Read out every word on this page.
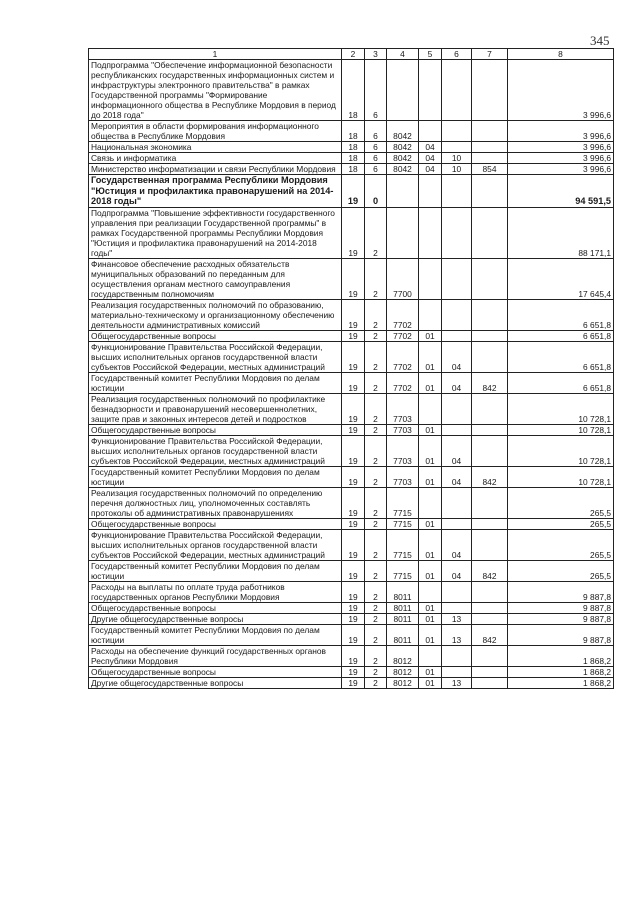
345
1	2	3	4	5	6	7	8
Подпрограмма "Обеспечение информационной безопасности республиканских государственных информационных систем и инфраструктуры электронного правительства" в рамках Государственной программы "Формирование информационного общества в Республике Мордовия в период до 2018 года"	18	6					3 996,6
Мероприятия в области формирования информационного общества в Республике Мордовия	18	6	8042				3 996,6
Национальная экономика	18	6	8042	04			3 996,6
Связь и информатика	18	6	8042	04	10		3 996,6
Министерство информатизации и связи Республики Мордовия	18	6	8042	04	10	854	3 996,6
Государственная программа Республики Мордовия "Юстиция и профилактика правонарушений на 2014-2018 годы"	19	0					94 591,5
Подпрограмма "Повышение эффективности государственного управления при реализации Государственной программы" в рамках Государственной программы Республики Мордовия "Юстиция и профилактика правонарушений на 2014-2018 годы"	19	2					88 171,1
Финансовое обеспечение расходных обязательств муниципальных образований по переданным для осуществления органам местного самоуправления государственным полномочиям	19	2	7700				17 645,4
Реализация государственных полномочий по образованию, материально-техническому и организационному обеспечению деятельности административных комиссий	19	2	7702				6 651,8
Общегосударственные вопросы	19	2	7702	01			6 651,8
Функционирование Правительства Российской Федерации, высших исполнительных органов государственной власти субъектов Российской Федерации, местных администраций	19	2	7702	01	04		6 651,8
Государственный комитет Республики Мордовия по делам юстиции	19	2	7702	01	04	842	6 651,8
Реализация государственных полномочий по профилактике безнадзорности и правонарушений несовершеннолетних, защите прав и законных интересов детей и подростков	19	2	7703				10 728,1
Общегосударственные вопросы	19	2	7703	01			10 728,1
Функционирование Правительства Российской Федерации, высших исполнительных органов государственной власти субъектов Российской Федерации, местных администраций	19	2	7703	01	04		10 728,1
Государственный комитет Республики Мордовия по делам юстиции	19	2	7703	01	04	842	10 728,1
Реализация государственных полномочий по определению перечня должностных лиц, уполномоченных составлять протоколы об административных правонарушениях	19	2	7715				265,5
Общегосударственные вопросы	19	2	7715	01			265,5
Функционирование Правительства Российской Федерации, высших исполнительных органов государственной власти субъектов Российской Федерации, местных администраций	19	2	7715	01	04		265,5
Государственный комитет Республики Мордовия по делам юстиции	19	2	7715	01	04	842	265,5
Расходы на выплаты по оплате труда работников государственных органов Республики Мордовия	19	2	8011				9 887,8
Общегосударственные вопросы	19	2	8011	01			9 887,8
Другие общегосударственные вопросы	19	2	8011	01	13		9 887,8
Государственный комитет Республики Мордовия по делам юстиции	19	2	8011	01	13	842	9 887,8
Расходы на обеспечение функций государственных органов Республики Мордовия	19	2	8012				1 868,2
Общегосударственные вопросы	19	2	8012	01			1 868,2
Другие общегосударственные вопросы	19	2	8012	01	13		1 868,2
